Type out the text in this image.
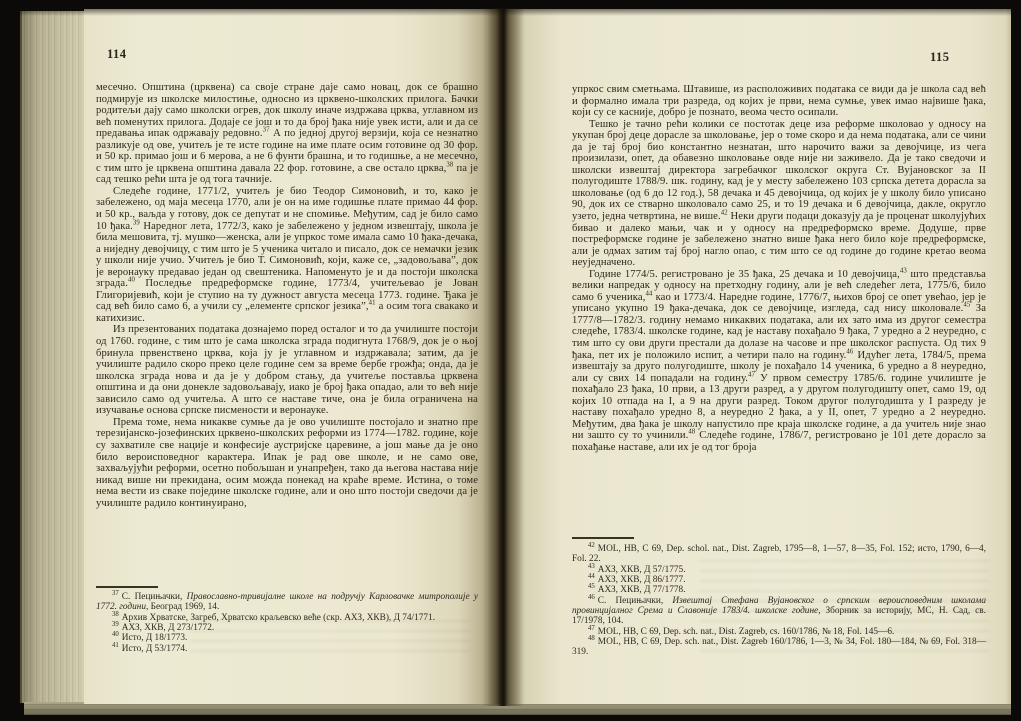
114	115

месечно. Општина (црквена) са своје стране даје само новац, док се брашно подмирује из школске милостиње, односно из црквено-школских прилога. Бачки родитељи дају само школски огрев, док школу иначе издржава црква, углавном из већ поменутих прилога. Додаје се још и то да број ђака није увек исти, али и да се предавања ипак одржавају редовно.$^{37}$ А по једној другој верзији, која се незнатно разликује од ове, учитељ је те исте године на име плате осим готовине од 30 фор. и 50 кр. примао још и 6 мерова, а не 6 фунти брашна, и то годишње, а не месечно, с тим што је црквена општина давала 22 фор. готовине, а све остало црква,$^{38}$ па је сад тешко рећи шта је од тога тачније.

Следеће године, 1771/2, учитељ је био Теодор Симоновић, и то, како је забележено, од маја месеца 1770, али је он на име годишње плате примао 44 фор. и 50 кр., ваљда у готову, док се депутат и не спомиње. Међутим, сад је било само 10 ђака.$^{39}$ Наредног лета, 1772/3, како је забележено у једном извештају, школа је била мешовита, тј. мушко—женска, али је упркос томе имала само 10 ђака-дечака, а ниједну девојчицу, с тим што је 5 ученика читало и писало, док се немачки језик у школи није учио. Учитељ је био Т. Симоновић, који, каже се, „задовољава”, док је веронауку предавао један од свештеника. Напоменуто је и да постоји школска зграда.$^{40}$ Последње предреформске године, 1773/4, учитељевао је Јован Глигоријевић, који је ступио на ту дужност августа месеца 1773. године. Ђака је сад већ било само 6, а учили су „елементе српског језика”,$^{41}$ а осим тога свакако и катихизис.

Из презентованих података дознајемо поред осталог и то да училиште постоји од 1760. године, с тим што је сама школска зграда подигнута 1768/9, док је о њој бринула првенствено црква, која ју је углавном и издржавала; затим, да је училиште радило скоро преко целе године сем за време бербе грожђа; онда, да је школска зграда нова и да је у добром стању, да учитеље поставља црквена општина и да они донекле задовољавају, иако је број ђака опадао, али то већ није зависило само од учитеља. А што се наставе тиче, она је била ограничена на изучавање основа српске писмености и веронауке.

Према томе, нема никакве сумње да је ово училиште постојало и знатно пре терезијанско-јозефинских црквено-школских реформи из 1774—1782. године, које су захватиле све нације и конфесије аустријске царевине, а још мање да је оно било вероисповедног карактера. Ипак је рад ове школе, и не само ове, захваљујући реформи, осетно побољшан и унапређен, тако да његова настава није никад више ни прекидана, осим можда понекад на краће време. Истина, о томе нема вести из сваке поједине школске године, али и оно што постоји сведочи да је училиште радило континуирано,

$^{37}$ С. Пецињачки, Православно-тривијалне школе на подручју Карловачке митрополије у 1772. години, Београд 1969, 14.

$^{38}$ Архив Хрватске, Загреб, Хрватско краљевско веће (скр. АХЗ, ХКВ), Д 74/1771.

$^{39}$ АХЗ, ХКВ, Д 273/1772.

$^{40}$ Исто, Д 18/1773.

$^{41}$ Исто, Д 53/1774.

упркос свим сметњама. Штавише, из расположивих података се види да је школа сад већ и формално имала три разреда, од којих је први, нема сумње, увек имао највише ђака, који су се касније, добро је познато, веома често осипали.

Тешко је тачно рећи колики се постотак деце иза реформе школовао у односу на укупан број деце дорасле за школовање, јер о томе скоро и да нема података, али се чини да је тај број био константно незнатан, што нарочито важи за девојчице, из чега произилази, опет, да обавезно школовање овде није ни заживело. Да је тако сведочи и школски извештај директора загребачког школског округа Ст. Вујановског за II полугодиште 1788/9. шк. годину, кад је у месту забележено 103 српска детета дорасла за школовање (од 6 до 12 год.), 58 дечака и 45 девојчица, од којих је у школу било уписано 90, док их се стварно школовало само 25, и то 19 дечака и 6 девојчица, дакле, округло узето, једна четвртина, не више.$^{42}$ Неки други подаци доказују да је проценат школујућих бивао и далеко мањи, чак и у односу на предреформско време. Додуше, прве постреформске године је забележено знатно више ђака него било које предреформске, али је одмах затим тај број нагло опао, с тим што се од године до године кретао веома неуједначено.

Године 1774/5. регистровано је 35 ђака, 25 дечака и 10 девојчица,$^{43}$ што представља велики напредак у односу на претходну годину, али је већ следећег лета, 1775/6, било само 6 ученика,$^{44}$ као и 1773/4. Наредне године, 1776/7, њихов број се опет увећао, јер је уписано укупно 19 ђака-дечака, док се девојчице, изгледа, сад нису школовале.$^{45}$ За 1777/8—1782/3. годину немамо никаквих података, али их зато има из другог семестра следеће, 1783/4. школске године, кад је наставу похађало 9 ђака, 7 уредно а 2 неуредно, с тим што су ови други престали да долазе на часове и пре школског распуста. Од тих 9 ђака, пет их је положило испит, а четири пало на годину.$^{46}$ Идућег лета, 1784/5, према извештају за друго полугодиште, школу је похађало 14 ученика, 6 уредно а 8 неуредно, али су свих 14 попадали на годину.$^{47}$ У првом семестру 1785/6. године училиште је похађало 23 ђака, 10 први, а 13 други разред, а у другом полугодишту опет, само 19, од којих 10 отпада на I, а 9 на други разред. Током другог полугодишта у I разреду је наставу похађало уредно 8, а неуредно 2 ђака, а у II, опет, 7 уредно а 2 неуредно. Међутим, два ђака је школу напустило пре краја школске године, а да учитељ није знао ни зашто су то учинили.$^{48}$ Следеће године, 1786/7, регистровано је 101 дете дорасло за похађање наставе, али их је од тог броја

$^{42}$ MOL, НВ, С 69, Dep. schol. nat., Dist. Zagreb, 1795—8, 1—57, 8—35, Fol. 152; исто, 1790, 6—4, Fol. 22.

$^{43}$ АХЗ, ХКВ, Д 57/1775.

$^{44}$ АХЗ, ХКВ, Д 86/1777.

$^{45}$ АХЗ, ХКВ, Д 77/1778.

$^{46}$ С. Пецињачки, Извештај Стефана Вујановског о српским вероисповедним школама провинцијалног Срема и Славоније 1783/4. школске године, Зборник за историју, МС, Н. Сад, св. 17/1978, 104.

$^{47}$ MOL, НВ, С 69, Dep. sch. nat., Dist. Zagreb, cs. 160/1786, № 18, Fol. 145—6.

$^{48}$ MOL, НВ, С 69, Dep. sch. nat., Dist. Zagreb 160/1786, 1—3, № 34, Fol. 180—184, № 69, Fol. 318—319.
